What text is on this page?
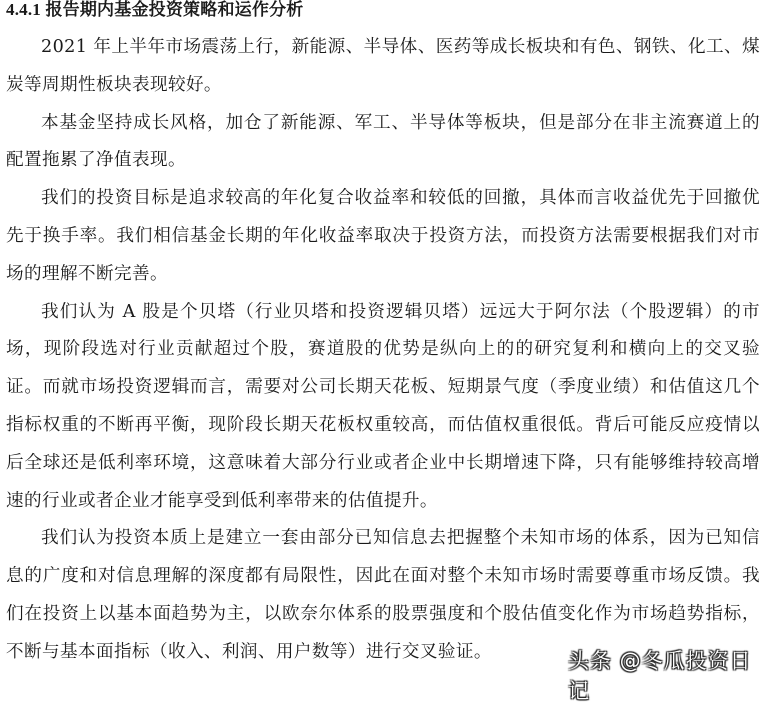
4.4.1 报告期内基金投资策略和运作分析

2021 年上半年市场震荡上行，新能源、半导体、医药等成长板块和有色、钢铁、化工、煤炭等周期性板块表现较好。

本基金坚持成长风格，加仓了新能源、军工、半导体等板块，但是部分在非主流赛道上的配置拖累了净值表现。

我们的投资目标是追求较高的年化复合收益率和较低的回撤，具体而言收益优先于回撤优先于换手率。我们相信基金长期的年化收益率取决于投资方法，而投资方法需要根据我们对市场的理解不断完善。

我们认为 A 股是个贝塔（行业贝塔和投资逻辑贝塔）远远大于阿尔法（个股逻辑）的市场，现阶段选对行业贡献超过个股，赛道股的优势是纵向上的的研究复利和横向上的交叉验证。而就市场投资逻辑而言，需要对公司长期天花板、短期景气度（季度业绩）和估值这几个指标权重的不断再平衡，现阶段长期天花板权重较高，而估值权重很低。背后可能反应疫情以后全球还是低利率环境，这意味着大部分行业或者企业中长期增速下降，只有能够维持较高增速的行业或者企业才能享受到低利率带来的估值提升。

我们认为投资本质上是建立一套由部分已知信息去把握整个未知市场的体系，因为已知信息的广度和对信息理解的深度都有局限性，因此在面对整个未知市场时需要尊重市场反馈。我们在投资上以基本面趋势为主，以欧奈尔体系的股票强度和个股估值变化作为市场趋势指标，不断与基本面指标（收入、利润、用户数等）进行交叉验证。	头条 @冬瓜投资日记
